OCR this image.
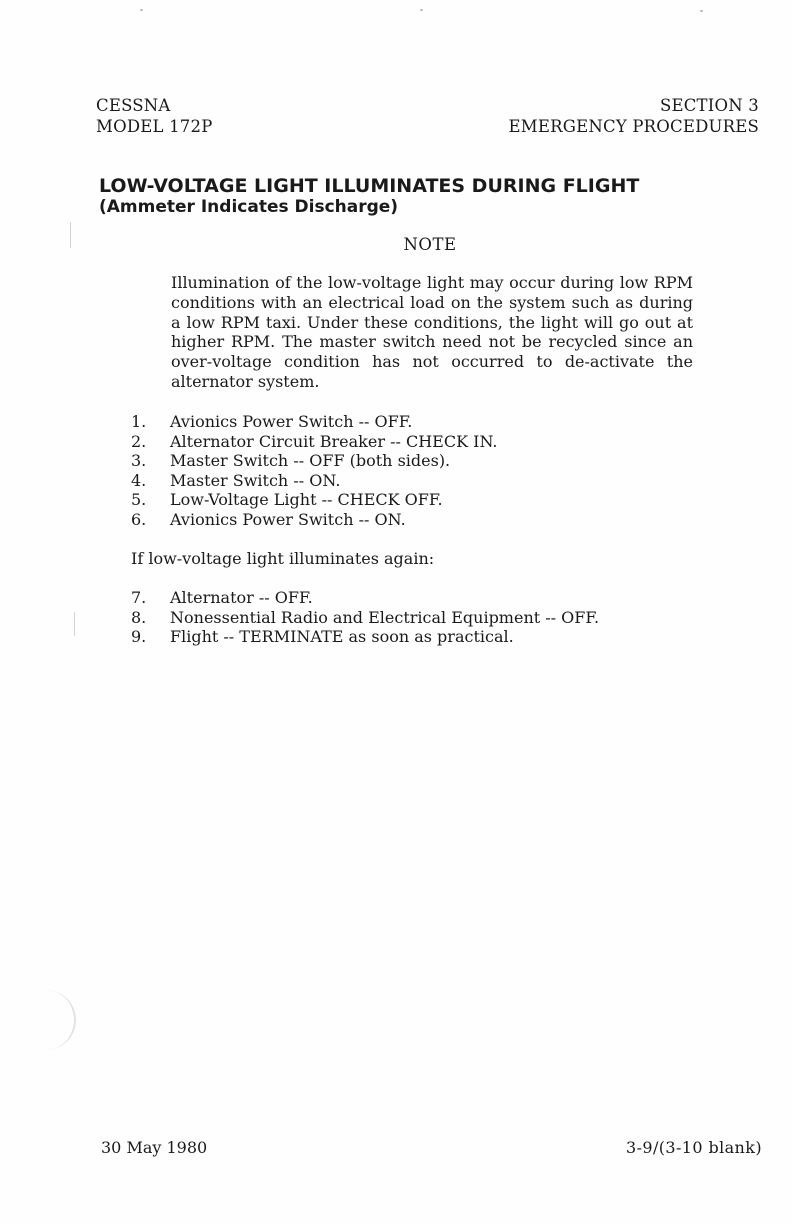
CESSNA
MODEL 172P
SECTION 3
EMERGENCY PROCEDURES
LOW-VOLTAGE LIGHT ILLUMINATES DURING FLIGHT
(Ammeter Indicates Discharge)
NOTE
Illumination of the low-voltage light may occur during low RPM conditions with an electrical load on the system such as during a low RPM taxi. Under these conditions, the light will go out at higher RPM. The master switch need not be recycled since an over-voltage condition has not occurred to de-activate the alternator system.
1. Avionics Power Switch -- OFF.
2. Alternator Circuit Breaker -- CHECK IN.
3. Master Switch -- OFF (both sides).
4. Master Switch -- ON.
5. Low-Voltage Light -- CHECK OFF.
6. Avionics Power Switch -- ON.
If low-voltage light illuminates again:
7. Alternator -- OFF.
8. Nonessential Radio and Electrical Equipment -- OFF.
9. Flight -- TERMINATE as soon as practical.
30 May 1980	3-9/(3-10 blank)
